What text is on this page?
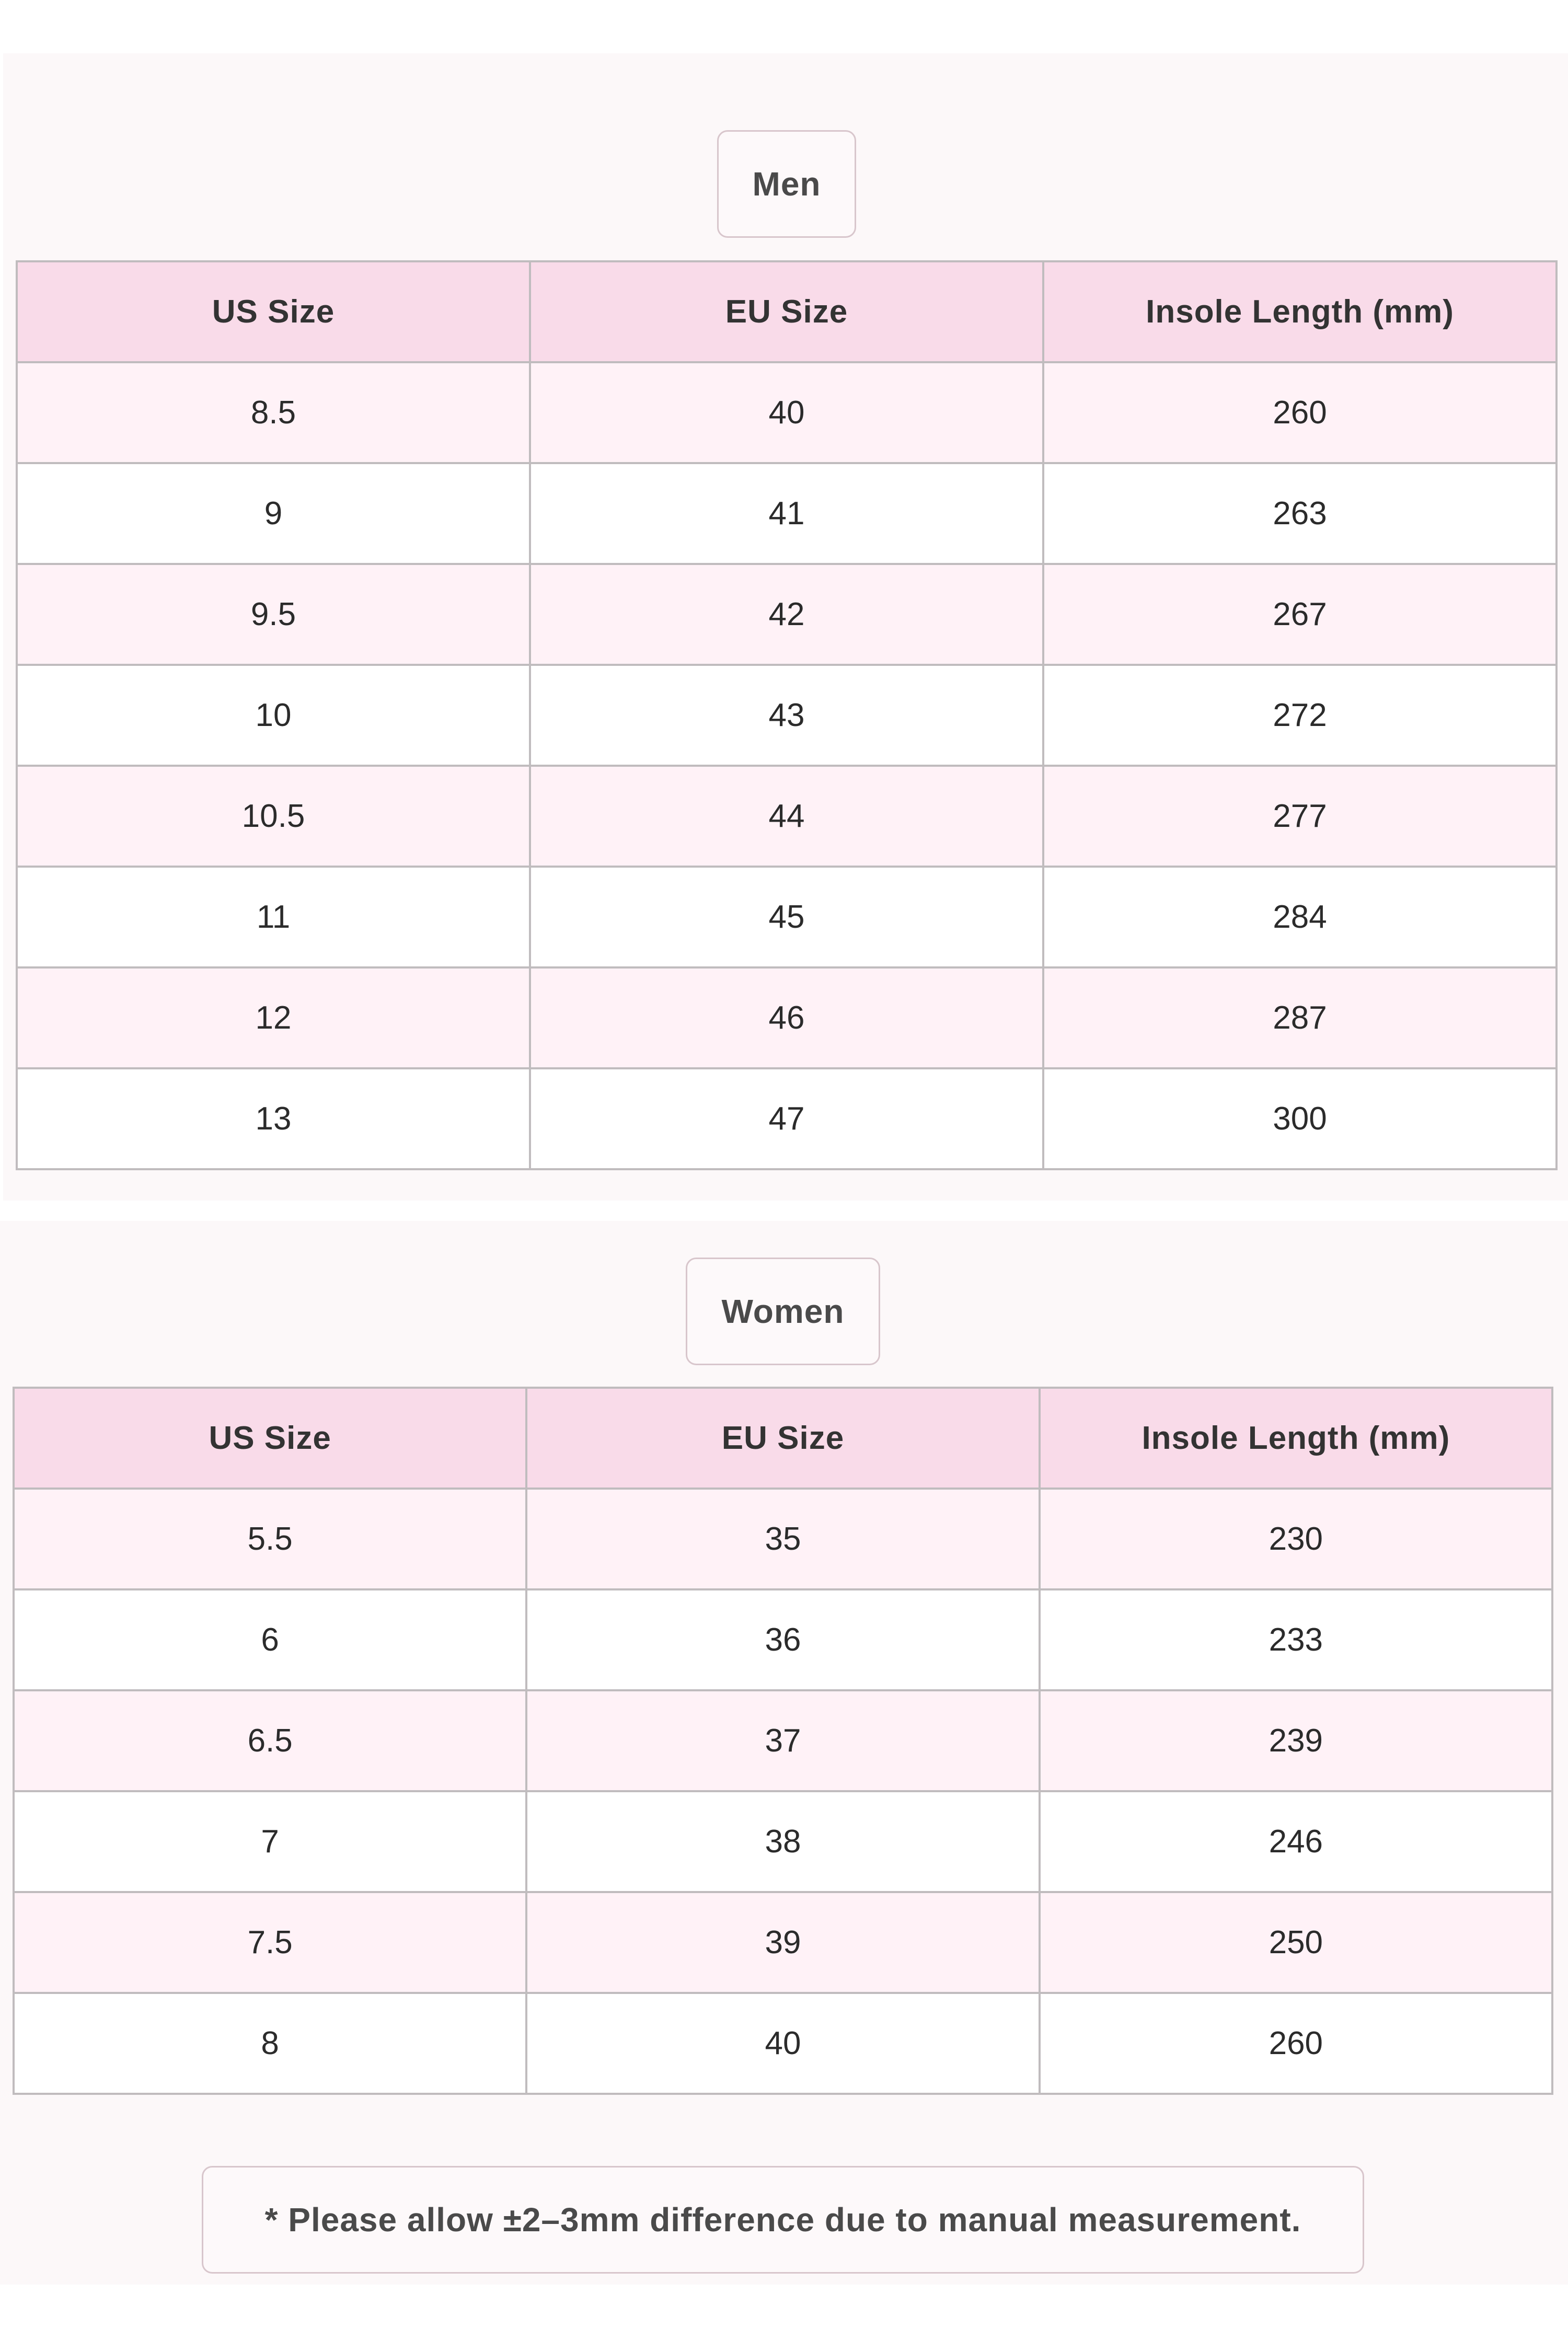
Men
US Size	EU Size	Insole Length (mm)
8.5	40	260
9	41	263
9.5	42	267
10	43	272
10.5	44	277
11	45	284
12	46	287
13	47	300
Women
US Size	EU Size	Insole Length (mm)
5.5	35	230
6	36	233
6.5	37	239
7	38	246
7.5	39	250
8	40	260
* Please allow ±2–3mm difference due to manual measurement.
